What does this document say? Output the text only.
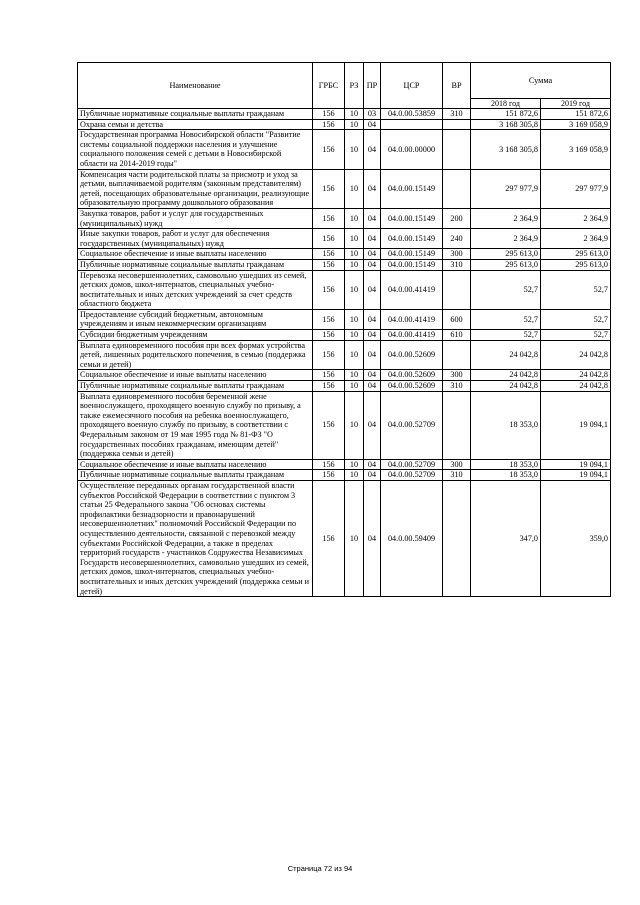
Наименование	ГРБС	РЗ	ПР	ЦСР	ВР	Сумма	
						2018 год	2019 год
Публичные нормативные социальные выплаты гражданам	156	10	03	04.0.00.53859	310	151 872,6	151 872,6
Охрана семьи и детства	156	10	04			3 168 305,8	3 169 058,9
Государственная программа Новосибирской области "Развитие системы социальной поддержки населения и улучшение социального положения семей с детьми в Новосибирской области на 2014-2019 годы"	156	10	04	04.0.00.00000		3 168 305,8	3 169 058,9
Компенсация части родительской платы за присмотр и уход за детьми, выплачиваемой родителям (законным представителям) детей, посещающих образовательные организации, реализующие образовательную программу дошкольного образования	156	10	04	04.0.00.15149		297 977,9	297 977,9
Закупка товаров, работ и услуг для государственных (муниципальных) нужд	156	10	04	04.0.00.15149	200	2 364,9	2 364,9
Иные закупки товаров, работ и услуг для обеспечения государственных (муниципальных) нужд	156	10	04	04.0.00.15149	240	2 364,9	2 364,9
Социальное обеспечение и иные выплаты населению	156	10	04	04.0.00.15149	300	295 613,0	295 613,0
Публичные нормативные социальные выплаты гражданам	156	10	04	04.0.00.15149	310	295 613,0	295 613,0
Перевозка несовершеннолетних, самовольно ушедших из семей, детских домов, школ-интернатов, специальных учебно-воспитательных и иных детских учреждений за счет средств областного бюджета	156	10	04	04.0.00.41419		52,7	52,7
Предоставление субсидий бюджетным, автономным учреждениям и иным некоммерческим организациям	156	10	04	04.0.00.41419	600	52,7	52,7
Субсидии бюджетным учреждениям	156	10	04	04.0.00.41419	610	52,7	52,7
Выплата единовременного пособия при всех формах устройства детей, лишенных родительского попечения, в семью (поддержка семьи и детей)	156	10	04	04.0.00.52609		24 042,8	24 042,8
Социальное обеспечение и иные выплаты населению	156	10	04	04.0.00.52609	300	24 042,8	24 042,8
Публичные нормативные социальные выплаты гражданам	156	10	04	04.0.00.52609	310	24 042,8	24 042,8
Выплата единовременного пособия беременной жене военнослужащего, проходящего военную службу по призыву, а также ежемесячного пособия на ребенка военнослужащего, проходящего военную службу по призыву, в соответствии с Федеральным законом от 19 мая 1995 года № 81-ФЗ "О государственных пособиях гражданам, имеющим детей" (поддержка семьи и детей)	156	10	04	04.0.00.52709		18 353,0	19 094,1
Социальное обеспечение и иные выплаты населению	156	10	04	04.0.00.52709	300	18 353,0	19 094,1
Публичные нормативные социальные выплаты гражданам	156	10	04	04.0.00.52709	310	18 353,0	19 094,1
Осуществление переданных органам государственной власти субъектов Российской Федерации в соответствии с пунктом 3 статьи 25 Федерального закона "Об основах системы профилактики безнадзорности и правонарушений несовершеннолетних" полномочий Российской Федерации по осуществлению деятельности, связанной с перевозкой между субъектами Российской Федерации, а также в пределах территорий государств - участников Содружества Независимых Государств несовершеннолетних, самовольно ушедших из семей, детских домов, школ-интернатов, специальных учебно-воспитательных и иных детских учреждений (поддержка семьи и детей)	156	10	04	04.0.00.59409		347,0	359,0
Страница 72 из 94
